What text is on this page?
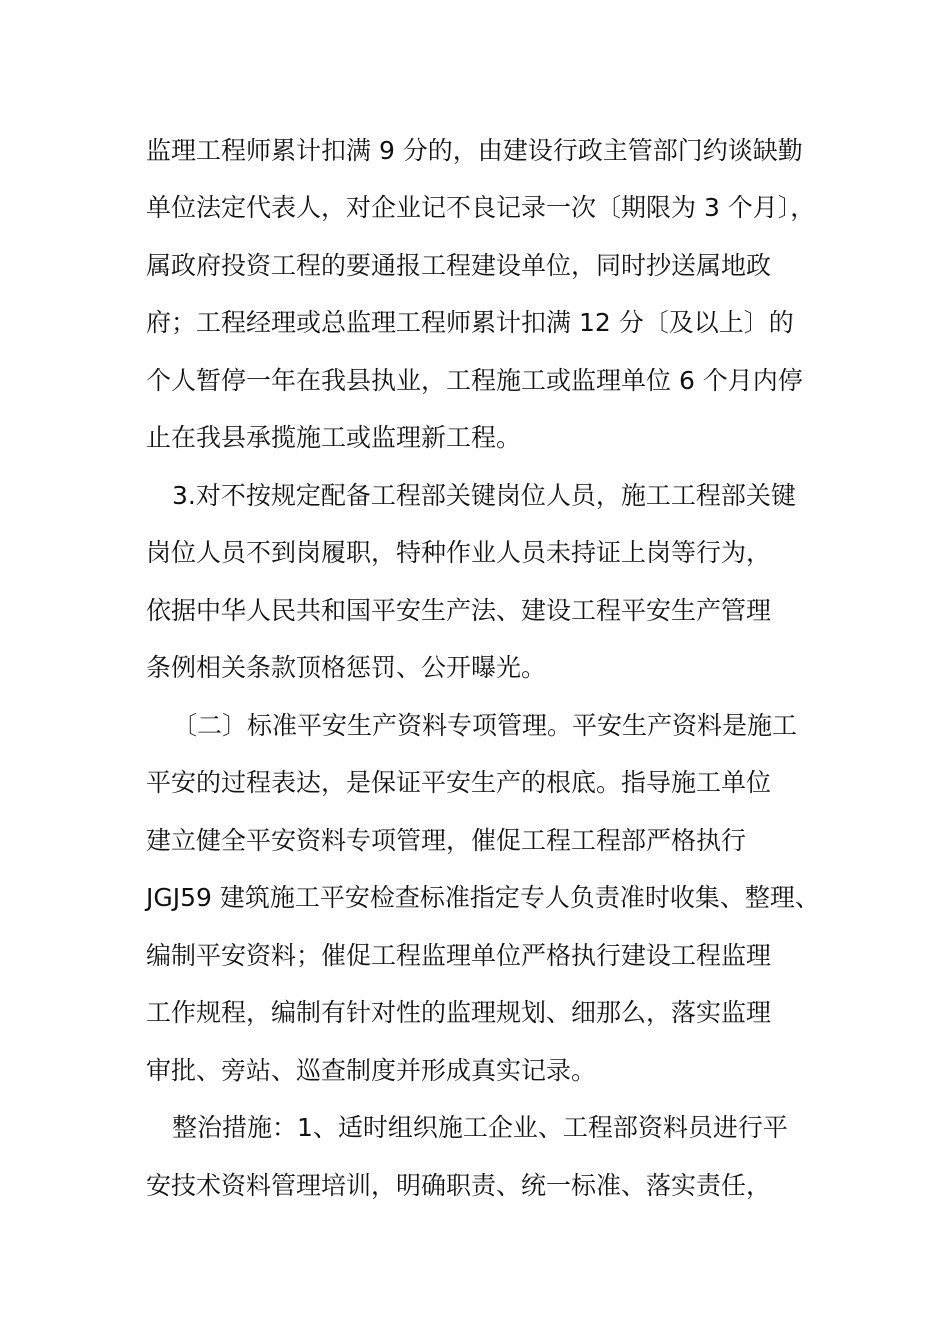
监理工程师累计扣满 9 分的，由建设行政主管部门约谈缺勤
单位法定代表人，对企业记不良记录一次〔期限为 3 个月〕，
属政府投资工程的要通报工程建设单位，同时抄送属地政
府；工程经理或总监理工程师累计扣满 12 分〔及以上〕的
个人暂停一年在我县执业，工程施工或监理单位 6 个月内停
止在我县承揽施工或监理新工程。
3.对不按规定配备工程部关键岗位人员，施工工程部关键
岗位人员不到岗履职，特种作业人员未持证上岗等行为，
依据中华人民共和国平安生产法、建设工程平安生产管理
条例相关条款顶格惩罚、公开曝光。
〔二〕标准平安生产资料专项管理。平安生产资料是施工
平安的过程表达，是保证平安生产的根底。指导施工单位
建立健全平安资料专项管理，催促工程工程部严格执行
JGJ59 建筑施工平安检查标准指定专人负责准时收集、整理、
编制平安资料；催促工程监理单位严格执行建设工程监理
工作规程，编制有针对性的监理规划、细那么，落实监理
审批、旁站、巡查制度并形成真实记录。
整治措施：1、适时组织施工企业、工程部资料员进行平
安技术资料管理培训，明确职责、统一标准、落实责任，
